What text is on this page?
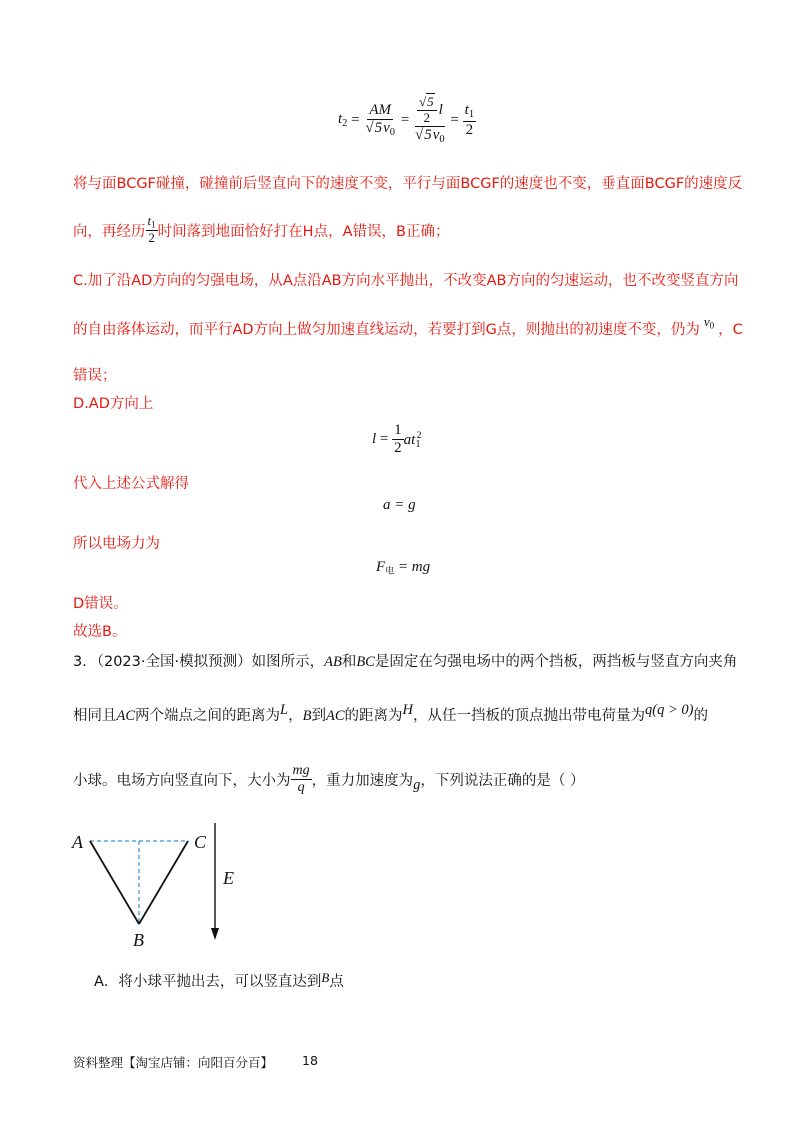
$t_2 = \frac{AM}{√5v_0} = \frac{\frac{√5}{2} l}{√5v_0} = \frac{t_1}{2}$
将与面BCGF碰撞，碰撞前后竖直向下的速度不变，平行与面BCGF的速度也不变，垂直面BCGF的速度反
向，再经历 $\frac{t_1}{2}$ 时间落到地面恰好打在H点，A错误，B正确；
C.加了沿AD方向的匀强电场，从A点沿AB方向水平抛出，不改变AB方向的匀速运动，也不改变竖直方向
的自由落体运动，而平行AD方向上做匀加速直线运动，若要打到G点，则抛出的初速度不变，仍为$v_0$ ，C
错误；
D.AD方向上
$l = \frac{1}{2} at_1^2$
代入上述公式解得
a = g
所以电场力为
$F_电$ = mg
D错误。
故选B。
3．（2023·全国·模拟预测）如图所示，AB和BC是固定在匀强电场中的两个挡板，两挡板与竖直方向夹角
相同且AC两个端点之间的距离为L，B到AC的距离为H，从任一挡板的顶点抛出带电荷量为q(q > 0)的
小球。电场方向竖直向下，大小为 $\frac{mg}{q}$ ，重力加速度为 g ，下列说法正确的是（ ）
A	C
B
E
A．将小球平抛出去，可以竖直达到B点
资料整理【淘宝店铺：向阳百分百】 18
